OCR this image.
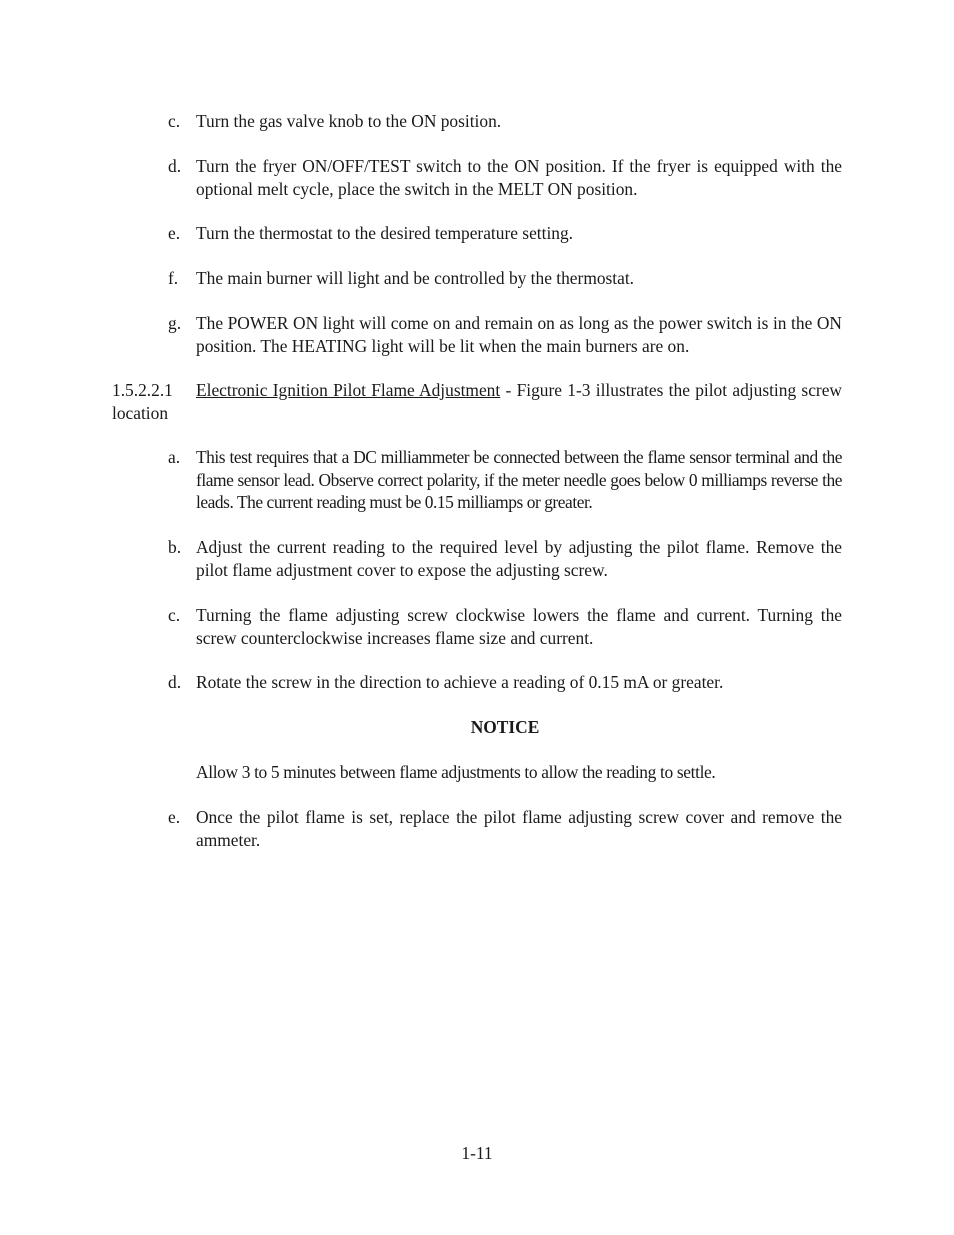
c. Turn the gas valve knob to the ON position.
d. Turn the fryer ON/OFF/TEST switch to the ON position. If the fryer is equipped with the optional melt cycle, place the switch in the MELT ON position.
e. Turn the thermostat to the desired temperature setting.
f. The main burner will light and be controlled by the thermostat.
g. The POWER ON light will come on and remain on as long as the power switch is in the ON position. The HEATING light will be lit when the main burners are on.
1.5.2.2.1 Electronic Ignition Pilot Flame Adjustment - Figure 1-3 illustrates the pilot adjusting screw location
a. This test requires that a DC milliammeter be connected between the flame sensor terminal and the flame sensor lead. Observe correct polarity, if the meter needle goes below 0 milliamps reverse the leads. The current reading must be 0.15 milliamps or greater.
b. Adjust the current reading to the required level by adjusting the pilot flame. Remove the pilot flame adjustment cover to expose the adjusting screw.
c. Turning the flame adjusting screw clockwise lowers the flame and current. Turning the screw counterclockwise increases flame size and current.
d. Rotate the screw in the direction to achieve a reading of 0.15 mA or greater.
NOTICE
Allow 3 to 5 minutes between flame adjustments to allow the reading to settle.
e. Once the pilot flame is set, replace the pilot flame adjusting screw cover and remove the ammeter.
1-11
